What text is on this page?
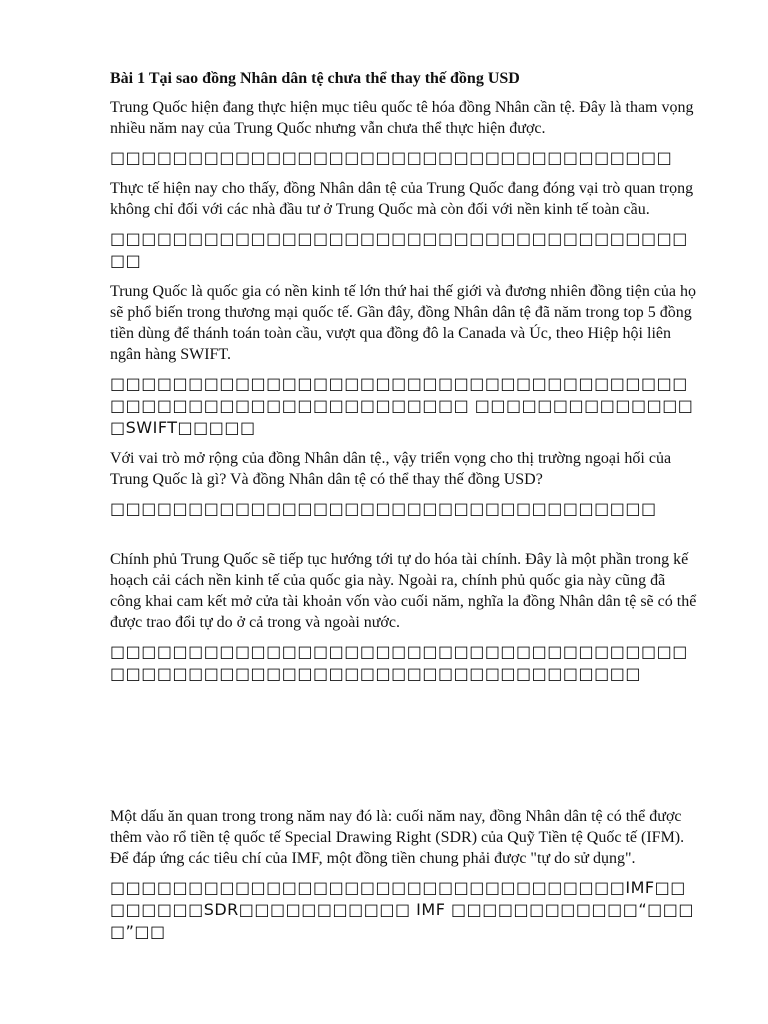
Bài 1 Tại sao đồng Nhân dân tệ chưa thể thay thế đồng USD
Trung Quốc hiện đang thực hiện mục tiêu quốc tê hóa đồng Nhân cần tệ. Đây là tham vọng nhiều năm nay của Trung Quốc nhưng vẫn chưa thể thực hiện được.
□□□□□□□□□□□□□□□□□□□□□□□□□□□□□□□□□□□□
Thực tế hiện nay cho thấy, đồng Nhân dân tệ của Trung Quốc đang đóng vại trò quan trọng không chỉ đối với các nhà đầu tư ở Trung Quốc mà còn đối với nền kinh tế toàn cầu.
□□□□□□□□□□□□□□□□□□□□□□□□□□□□□□□□□□□□□□□
Trung Quốc là quốc gia có nền kinh tế lớn thứ hai thế giới và đương nhiên đồng tiện của họ sẽ phổ biến trong thương mại quốc tế. Gần đây, đồng Nhân dân tệ đã năm trong top 5 đồng tiền dùng để thánh toán toàn cầu, vượt qua đồng đô la Canada và Úc, theo Hiệp hội liên ngân hàng SWIFT.
□□□□□□□□□□□□□□□□□□□□□□□□□□□□□□□□□□□□□□□□□□□□□□□□□□□□□□□□□□□□ □□□□□□□□□□□□□□□SWIFT□□□□□
Với vai trò mở rộng của đồng Nhân dân tệ., vậy triển vọng cho thị trường ngoại hối của Trung Quốc là gì? Và đồng Nhân dân tệ có thể thay thế đồng USD?
□□□□□□□□□□□□□□□□□□□□□□□□□□□□□□□□□□□
Chính phủ Trung Quốc sẽ tiếp tục hướng tới tự do hóa tài chính. Đây là một phần trong kế hoạch cải cách nền kinh tế của quốc gia này. Ngoài ra, chính phủ quốc gia này cũng đã công khai cam kết mở cửa tài khoản vốn vào cuối năm, nghĩa la đồng Nhân dân tệ sẽ có thể được trao đổi tự do ở cả trong và ngoài nước.
□□□□□□□□□□□□□□□□□□□□□□□□□□□□□□□□□□□□□□□□□□□□□□□□□□□□□□□□□□□□□□□□□□□□□□□
Một dấu ăn quan trong trong năm nay đó là: cuối năm nay, đồng Nhân dân tệ có thể được thêm vào rổ tiền tệ quốc tế Special Drawing Right (SDR) của Quỹ Tiền tệ Quốc tế (IFM). Để đáp ứng các tiêu chí của IMF, một đồng tiền chung phải được "tự do sử dụng".
□□□□□□□□□□□□□□□□□□□□□□□□□□□□□□□□□IMF□□□□□□□□SDR□□□□□□□□□□□ IMF □□□□□□□□□□□□“□□□□”□□
